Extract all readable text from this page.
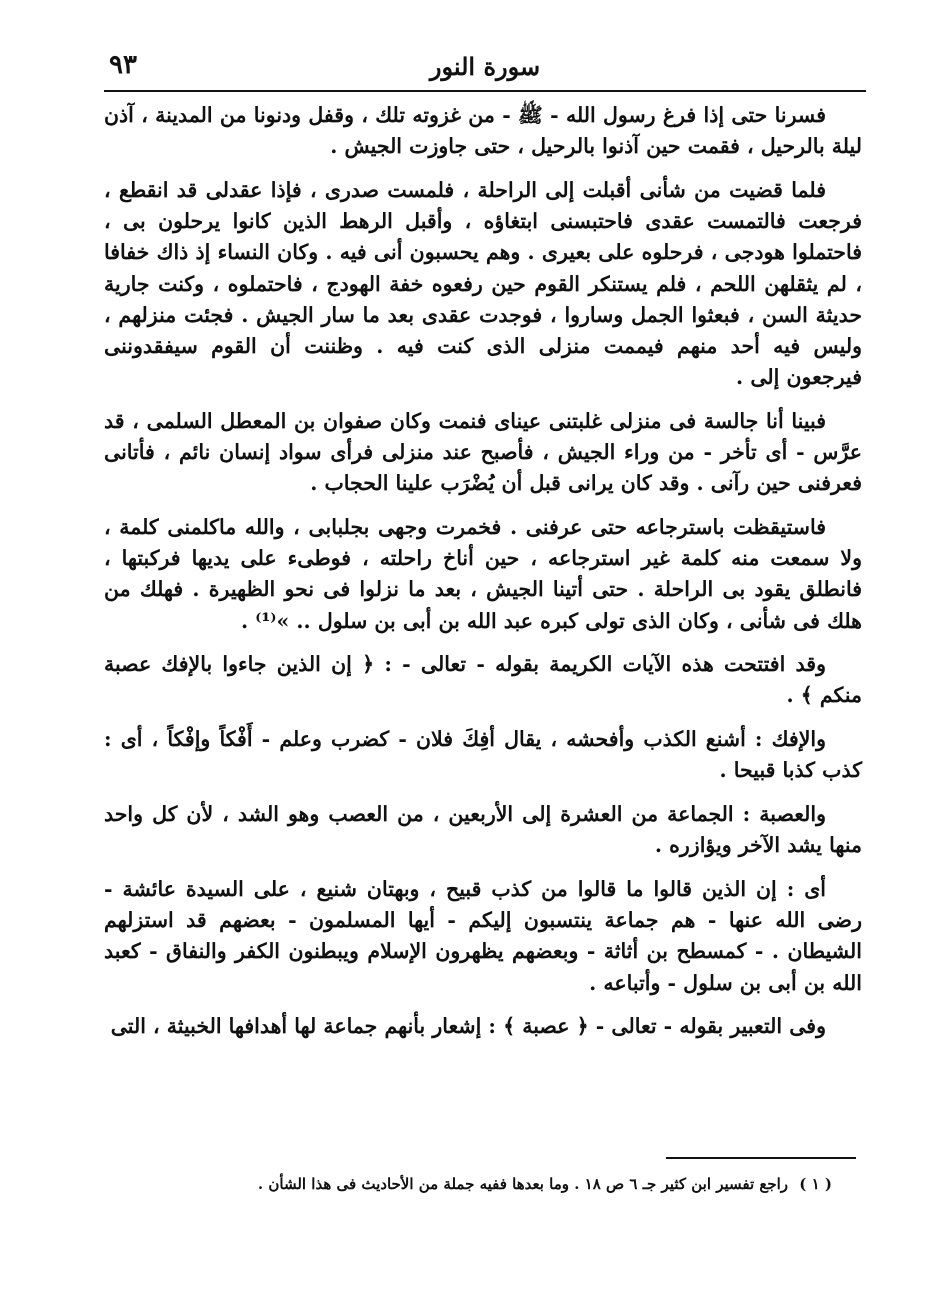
٩٣	سورة النور

فسرنا حتى إذا فرغ رسول الله - ﷺ - من غزوته تلك ، وقفل ودنونا من المدينة ، آذن ليلة بالرحيل ، فقمت حين آذنوا بالرحيل ، حتى جاوزت الجيش .

فلما قضيت من شأنى أقبلت إلى الراحلة ، فلمست صدرى ، فإذا عقدلى قد انقطع ، فرجعت فالتمست عقدى فاحتبسنى ابتغاؤه ، وأقبل الرهط الذين كانوا يرحلون بى ، فاحتملوا هودجى ، فرحلوه على بعيرى . وهم يحسبون أنى فيه . وكان النساء إذ ذاك خفافا ، لم يثقلهن اللحم ، فلم يستنكر القوم حين رفعوه خفة الهودج ، فاحتملوه ، وكنت جارية حديثة السن ، فبعثوا الجمل وساروا ، فوجدت عقدى بعد ما سار الجيش . فجئت منزلهم ، وليس فيه أحد منهم فيممت منزلى الذى كنت فيه . وظننت أن القوم سيفقدوننى فيرجعون إلى .

فبينا أنا جالسة فى منزلى غلبتنى عيناى فنمت وكان صفوان بن المعطل السلمى ، قد عرَّس - أى تأخر - من وراء الجيش ، فأصبح عند منزلى فرأى سواد إنسان نائم ، فأتانى فعرفنى حين رآنى . وقد كان يرانى قبل أن يُضْرَب علينا الحجاب .

فاستيقظت باسترجاعه حتى عرفنى . فخمرت وجهى بجلبابى ، والله ماكلمنى كلمة ، ولا سمعت منه كلمة غير استرجاعه ، حين أناخ راحلته ، فوطىء على يديها فركبتها ، فانطلق يقود بى الراحلة . حتى أتينا الجيش ، بعد ما نزلوا فى نحو الظهيرة . فهلك من هلك فى شأنى ، وكان الذى تولى كبره عبد الله بن أبى بن سلول .. »⁽¹⁾ .

وقد افتتحت هذه الآيات الكريمة بقوله - تعالى - : ﴿ إن الذين جاءوا بالإفك عصبة منكم ﴾ .

والإفك : أشنع الكذب وأفحشه ، يقال أفِكَ فلان - كضرب وعلم - أَفْكاً وإفْكاً ، أى : كذب كذبا قبيحا .

والعصبة : الجماعة من العشرة إلى الأربعين ، من العصب وهو الشد ، لأن كل واحد منها يشد الآخر ويؤازره .

أى : إن الذين قالوا ما قالوا من كذب قبيح ، وبهتان شنيع ، على السيدة عائشة - رضى الله عنها - هم جماعة ينتسبون إليكم - أيها المسلمون - بعضهم قد استزلهم الشيطان . - كمسطح بن أثاثة - وبعضهم يظهرون الإسلام ويبطنون الكفر والنفاق - كعبد الله بن أبى بن سلول - وأتباعه .

وفى التعبير بقوله - تعالى - ﴿ عصبة ﴾ : إشعار بأنهم جماعة لها أهدافها الخبيثة ، التى

( ١ ) راجع تفسير ابن كثير جـ ٦ ص ١٨ . وما بعدها ففيه جملة من الأحاديث فى هذا الشأن .
